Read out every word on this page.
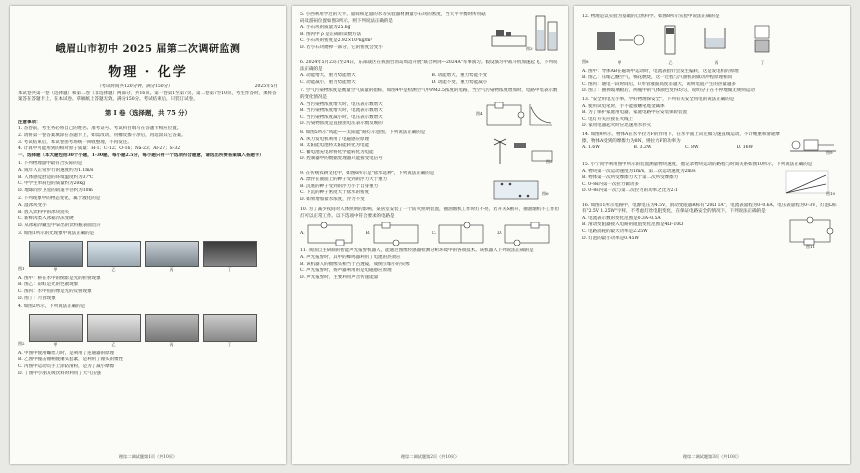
峨眉山市初中 2025 届第二次调研监测
物理 · 化学

（考试时间共120分钟，满分150分）	2025年5月

本试卷共第一卷（选择题）和第二卷（非选择题）两部分，共16页。第一卷第1至第7页，第二卷第7至10页，考生作答时，须将答案答在答题卡上，在本试卷、草稿纸上答题无效。满分150分。考试结束后，只装订试卷。

第 Ⅰ 卷（选择题，共 75 分）

注意事项：

1. 答卷前，考生务必将自己的姓名、准考证号、考试科目填写在答题卡相应位置。

2. 请将第一卷答案填涂在答题卡上，如需改动，用橡皮擦干净后，再选涂其它答案。

3. 考试结束后，本试卷由考场统一回收整理，不再发还。

4. 计算中可能用到的相对原子质量：H-1；C-12；O-16；Na-23；Al-27；S-32

一、选择题（本大题包括30个小题，1-30题，每小题2.5分，每小题只有一个选项符合题意，请选出所要答案填入答题卡）

1. 下列物理量中最符合实际的是

A. 成年人正常步行的速度约为1.1m/s

B. 人体感觉舒适的环境温度约为37℃

C. 中学生单肩包的质量约为20kg

D. 地球同步卫星的轨道半径约为10m

2. 下列现象中的物态变化，属于液化的是

A. 湿冰块变小

B. 放入饮料中的冰块消失

C. 新鲜肉类入冰箱冷冻变硬

D. 从冰箱冷藏室中拿出的饮料瓶表面出汗

3. 如图1所示的光现象中说法正确的是

图1	甲	乙	丙	丁

A. 图甲：桥在水中的倒影是光的折射现象

B. 图乙：彩虹是光的色散现象

C. 图丙：水中鱼的像是光的反射现象

D. 图丁：月食现象

4. 如图2所示，下列说法正确的是

图2	甲	乙	丙	丁

A. 甲图中使用螺丝刀时，是利用了连通器的原理

B. 乙图中撞击锤柄使锤头套紧，是利用了锤头的惯性

C. 丙图中运动员手上涂防滑粉，是为了减小摩擦

D. 丁图中小朋友吸饮料时利用了大气压强

理综二调试题第1页（共10页）

5. 小西利用学过的天平、量筒和足量的水等实验器材测量小石块的密度，当天平平衡时所用砝码及游码位置如图3所示，则下列说法正确的是

A. 小石块的质量为25.6g

B. 图丙中 ρ 是正确的读数方法

C. 小石块的密度是2.92×10³kg/m³

D. 若小石块磨掉一部分，它的密度会变小	图3

6. 2024年5月23日至24日，东部战区在我国台湾岛周边开展"联合利剑—2024A"军事演习。假设演习中战斗机加速起飞，下列说法正确的是

A. 动能增大，重力势能增大	B. 动能增大，重力势能不变

C. 动能减小，重力势能增大	D. 动能不变，重力势能减小

7. 空气污染物浓度是衡量空气质量的指标，如图4甲是检测空气中PM2.5浓度的电路，当空气污染物浓度增加时，电路中电表示数的变化情况是

A. 当污染物浓度增大时，电压表示数增大

B. 当污染物浓度增大时，电流表示数增大

C. 当污染物浓度减小时，电压表示数增大

D. 污染物浓度是直接由电压表示数反映的

图4

8. 如图5所示"风能——太阳能"路灯示意图，下列说法正确的是

A. 风力发电机利用了电磁感应原理

B. 太阳能电池将太阳能转化为电能

C. 蓄电池充电时将化学能转化为电能

D. 控制器中的数据处理器只能接受电信号	图5

9. 在传统农耕文化中，如图6所示是"盐水选种"，下列说法正确的是

A. 漂浮在液面上的种子受到的浮力大于重力

B. 沉底的种子受到的浮力小于自身重力

C. 下沉的种子密度大于盐水的密度

D. 如果增加盐水浓度，浮力不变

图6

10. 为了减少夜间对人体照明的影响，某居室安装了一个防火照明装置，抽油烟机工作时灯不亮，若开关S断开，抽油烟机不工作但灯可以正常工作。以下选项中符合要求的电路是

A.	B.	C.	D.

11. 我国自主研制的智能声光报警机器人，能通过图像传感器检测分析环境中的各项技术。该机器人下列说法正确的是

A. 声光报警时，其中的蜂鸣器利用了电流的热效应

B. 该机器人的摄像头相当于凸透镜，成倒立缩小的实像

C. 声光报警时，扬声器利用的是电磁感应原理

D. 声光报警时，主要利用声音传递能量

理综二调试题第2页（共10页）

12. 物理是以实验为基础的自然科学。如图8所示实验中说法正确的是

图8	甲	乙	丙	丁

A. 图甲：导体AB在磁场中运动时，电流表指针会发生偏转，这是发电机的原理

B. 图乙：压缩乙醚空气，棉花燃烧，这一过程与汽油机的做功冲程原理相同

C. 图丙：通电一段时间后，U形管液面高度差越大，说明电阻产生的热量越多

D. 图丁：抽掉玻璃板后，两瓶中的气体颜色变得均匀，说明分子在不停地做无规则运动

13. "安全用电无小事，学好物理保安全"，下列有关安全用电的说法正确的是

A. 使用试电笔时，手不能接触笔尾金属体

B. 为了保护家庭用电器，家庭电路中应安装保险装置

C. 电灯开关应接在火线上

D. 家用电器起火时应迅速用水扑灭

14. 如图9所示，物体A在水平拉力F的作用下，在水平面上向左做匀速直线运动，不计绳重和滑轮摩擦，物体A受到的摩擦力为8N，则拉力F的功率为

A. 1.6W	B. 3.2W	C. 8W	D. 16W

图9

15. 小宁同学利用图甲所示的装置测量物块速度，他记录物块运动的路程与时间关系如图10所示，下列说法正确的是

A. 物块第一次运动速度为1m/s，第二次运动速度为2m/s

B. 物体第一次所受摩擦力大于第二次所受摩擦力

C. 0–8s内第一次拉力做功多

D. 0–8s内第一次与第二次拉力的功率之比为2:1	图10

16. 如图11所示电路中，电源电压为4.5V，滑动变阻器R标有"20Ω 1A"，电流表量程为0–0.6A，电压表量程为0–3V，灯泡L标有"2.5V 1.25W"字样，不考虑灯丝电阻变化，在保证电路安全的情况下，下列说法正确的是

A. 电流表示数的变化范围是0.3A–0.5A

B. 滑动变阻器接入电路的阻值变化范围是4Ω–10Ω

C. 电路消耗的最大功率是2.25W

D. 灯泡的最小功率是0.45W

图11
理综二调试题第3页（共10页）
